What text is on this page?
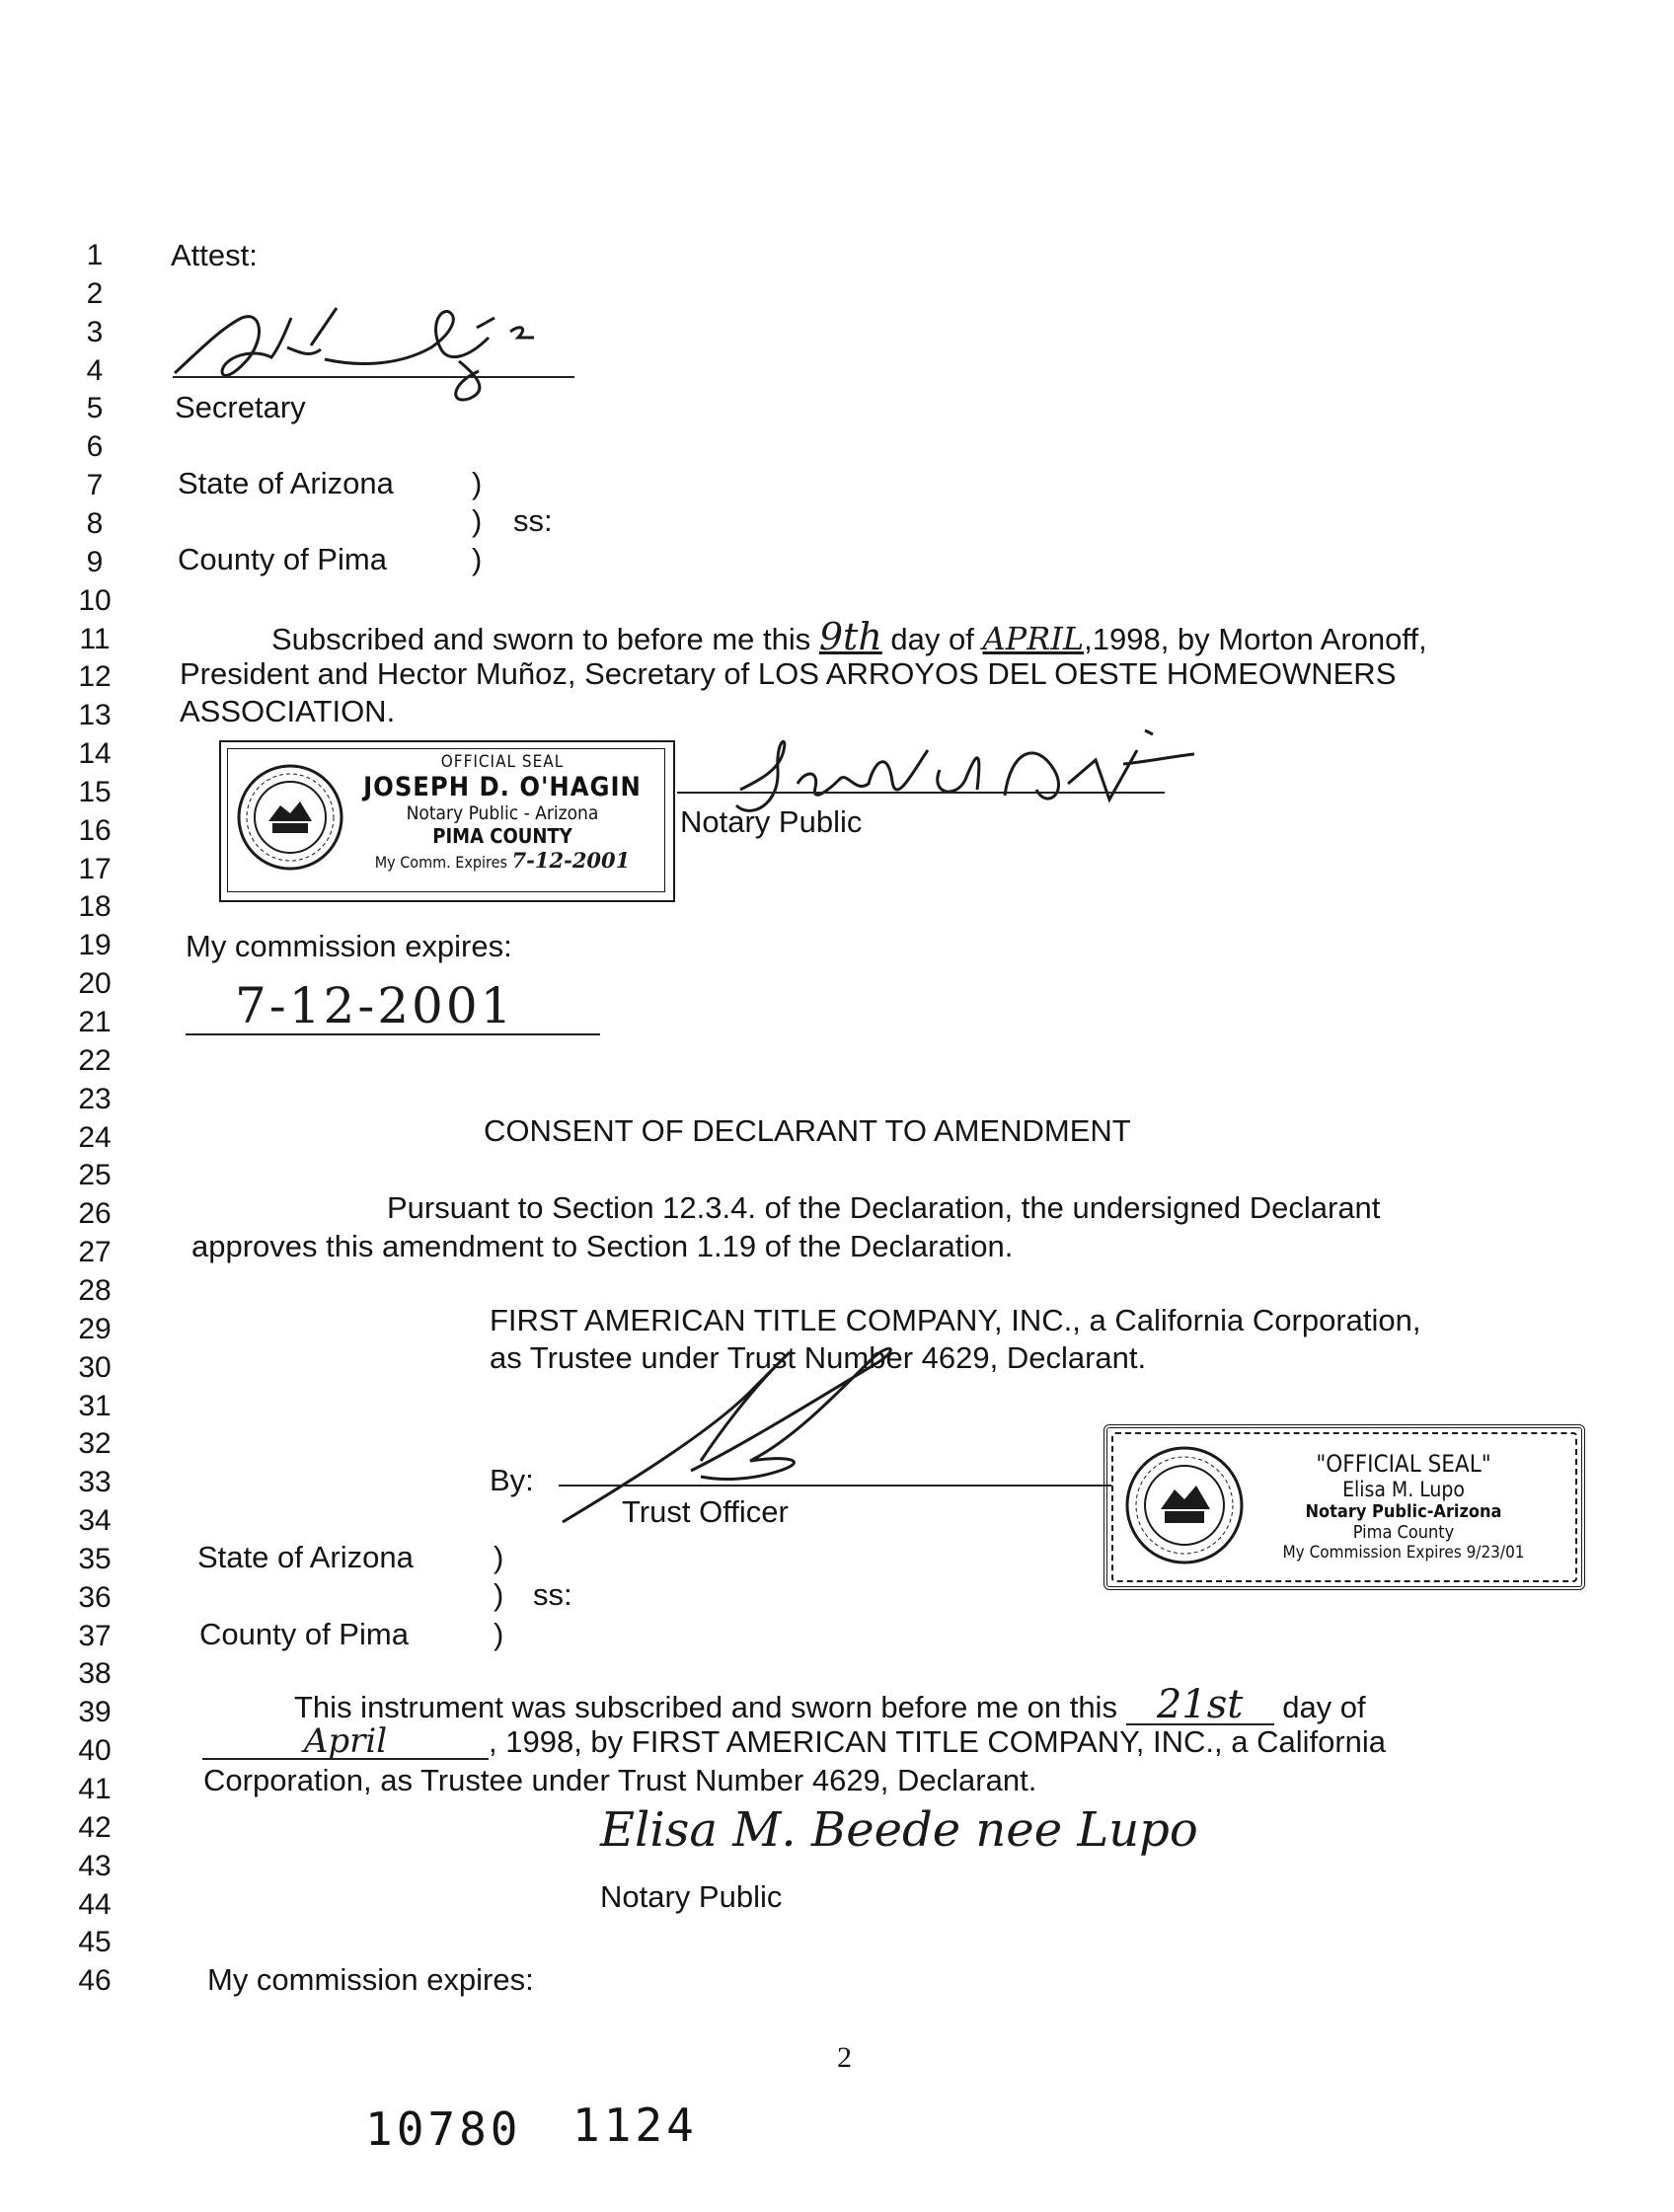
1
2
3
4
5
6
7
8
9
10
11
12
13
14
15
16
17
18
19
20
21
22
23
24
25
26
27
28
29
30
31
32
33
34
35
36
37
38
39
40
41
42
43
44
45
46
Attest:
Secretary
State of Arizona	)
) ss:
)
County of Pima
Subscribed and sworn to before me this 9th day of APRIL,1998, by Morton Aronoff,
President and Hector Muñoz, Secretary of LOS ARROYOS DEL OESTE HOMEOWNERS
ASSOCIATION.
OFFICIAL SEAL
JOSEPH D. O'HAGIN
Notary Public - Arizona
PIMA COUNTY
My Comm. Expires 7-12-2001
Notary Public
My commission expires:
7-12-2001
CONSENT OF DECLARANT TO AMENDMENT
Pursuant to Section 12.3.4. of the Declaration, the undersigned Declarant
approves this amendment to Section 1.19 of the Declaration.
FIRST AMERICAN TITLE COMPANY, INC., a California Corporation,
as Trustee under Trust Number 4629, Declarant.
By:
Trust Officer
"OFFICIAL SEAL"
Elisa M. Lupo
Notary Public-Arizona
Pima County
My Commission Expires 9/23/01
State of Arizona	)
) ss:
)
County of Pima
This instrument was subscribed and sworn before me on this 21st day of
April	, 1998, by FIRST AMERICAN TITLE COMPANY, INC., a California
Corporation, as Trustee under Trust Number 4629, Declarant.
Elisa M. Beede nee Lupo
Notary Public
My commission expires:
2
10780 1124
